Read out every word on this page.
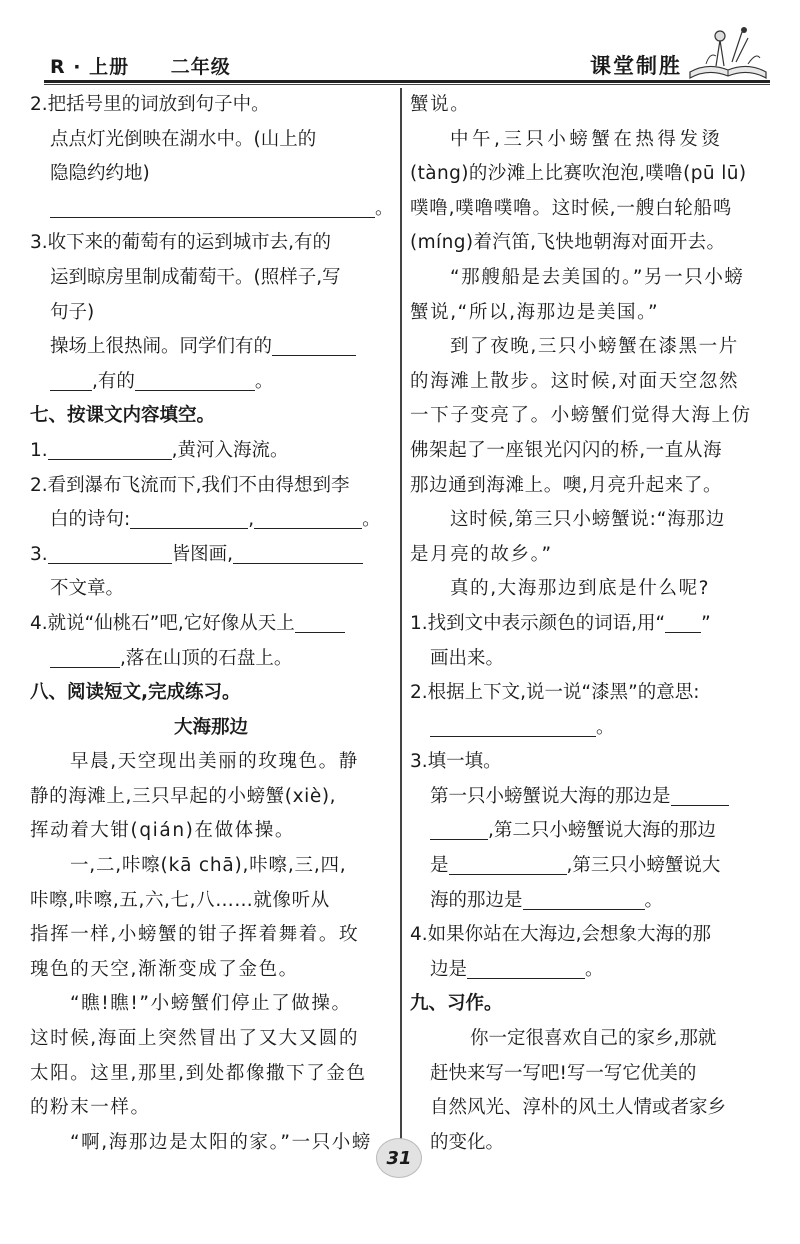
R · 上册 二年级	课堂制胜
2.把括号里的词放到句子中。
点点灯光倒映在湖水中。(山上的
隐隐约约地)
。
3.收下来的葡萄有的运到城市去,有的
运到晾房里制成葡萄干。(照样子,写
句子)
操场上很热闹。同学们有的
,有的	。
七、按课文内容填空。
1.	,黄河入海流。
2.看到瀑布飞流而下,我们不由得想到李
白的诗句:	,	。
3.	皆图画,
不文章。
4.就说“仙桃石”吧,它好像从天上
,落在山顶的石盘上。
八、阅读短文,完成练习。
大海那边
早晨,天空现出美丽的玫瑰色。静
静的海滩上,三只早起的小螃蟹(xiè),
挥动着大钳(qián)在做体操。
一,二,咔嚓(kā chā),咔嚓,三,四,
咔嚓,咔嚓,五,六,七,八……就像听从
指挥一样,小螃蟹的钳子挥着舞着。玫
瑰色的天空,渐渐变成了金色。
“瞧!瞧!”小螃蟹们停止了做操。
这时候,海面上突然冒出了又大又圆的
太阳。这里,那里,到处都像撒下了金色
的粉末一样。
“啊,海那边是太阳的家。”一只小螃
蟹说。
中午,三只小螃蟹在热得发烫
(tàng)的沙滩上比赛吹泡泡,噗噜(pū lū)
噗噜,噗噜噗噜。这时候,一艘白轮船鸣
(míng)着汽笛,飞快地朝海对面开去。
“那艘船是去美国的。”另一只小螃
蟹说,“所以,海那边是美国。”
到了夜晚,三只小螃蟹在漆黑一片
的海滩上散步。这时候,对面天空忽然
一下子变亮了。小螃蟹们觉得大海上仿
佛架起了一座银光闪闪的桥,一直从海
那边通到海滩上。噢,月亮升起来了。
这时候,第三只小螃蟹说:“海那边
是月亮的故乡。”
真的,大海那边到底是什么呢?
1.找到文中表示颜色的词语,用“ ”
画出来。
2.根据上下文,说一说“漆黑”的意思:
。
3.填一填。
第一只小螃蟹说大海的那边是
,第二只小螃蟹说大海的那边
是	,第三只小螃蟹说大
海的那边是	。
4.如果你站在大海边,会想象大海的那
边是	。
九、习作。
你一定很喜欢自己的家乡,那就
赶快来写一写吧!写一写它优美的
自然风光、淳朴的风土人情或者家乡
的变化。
31
